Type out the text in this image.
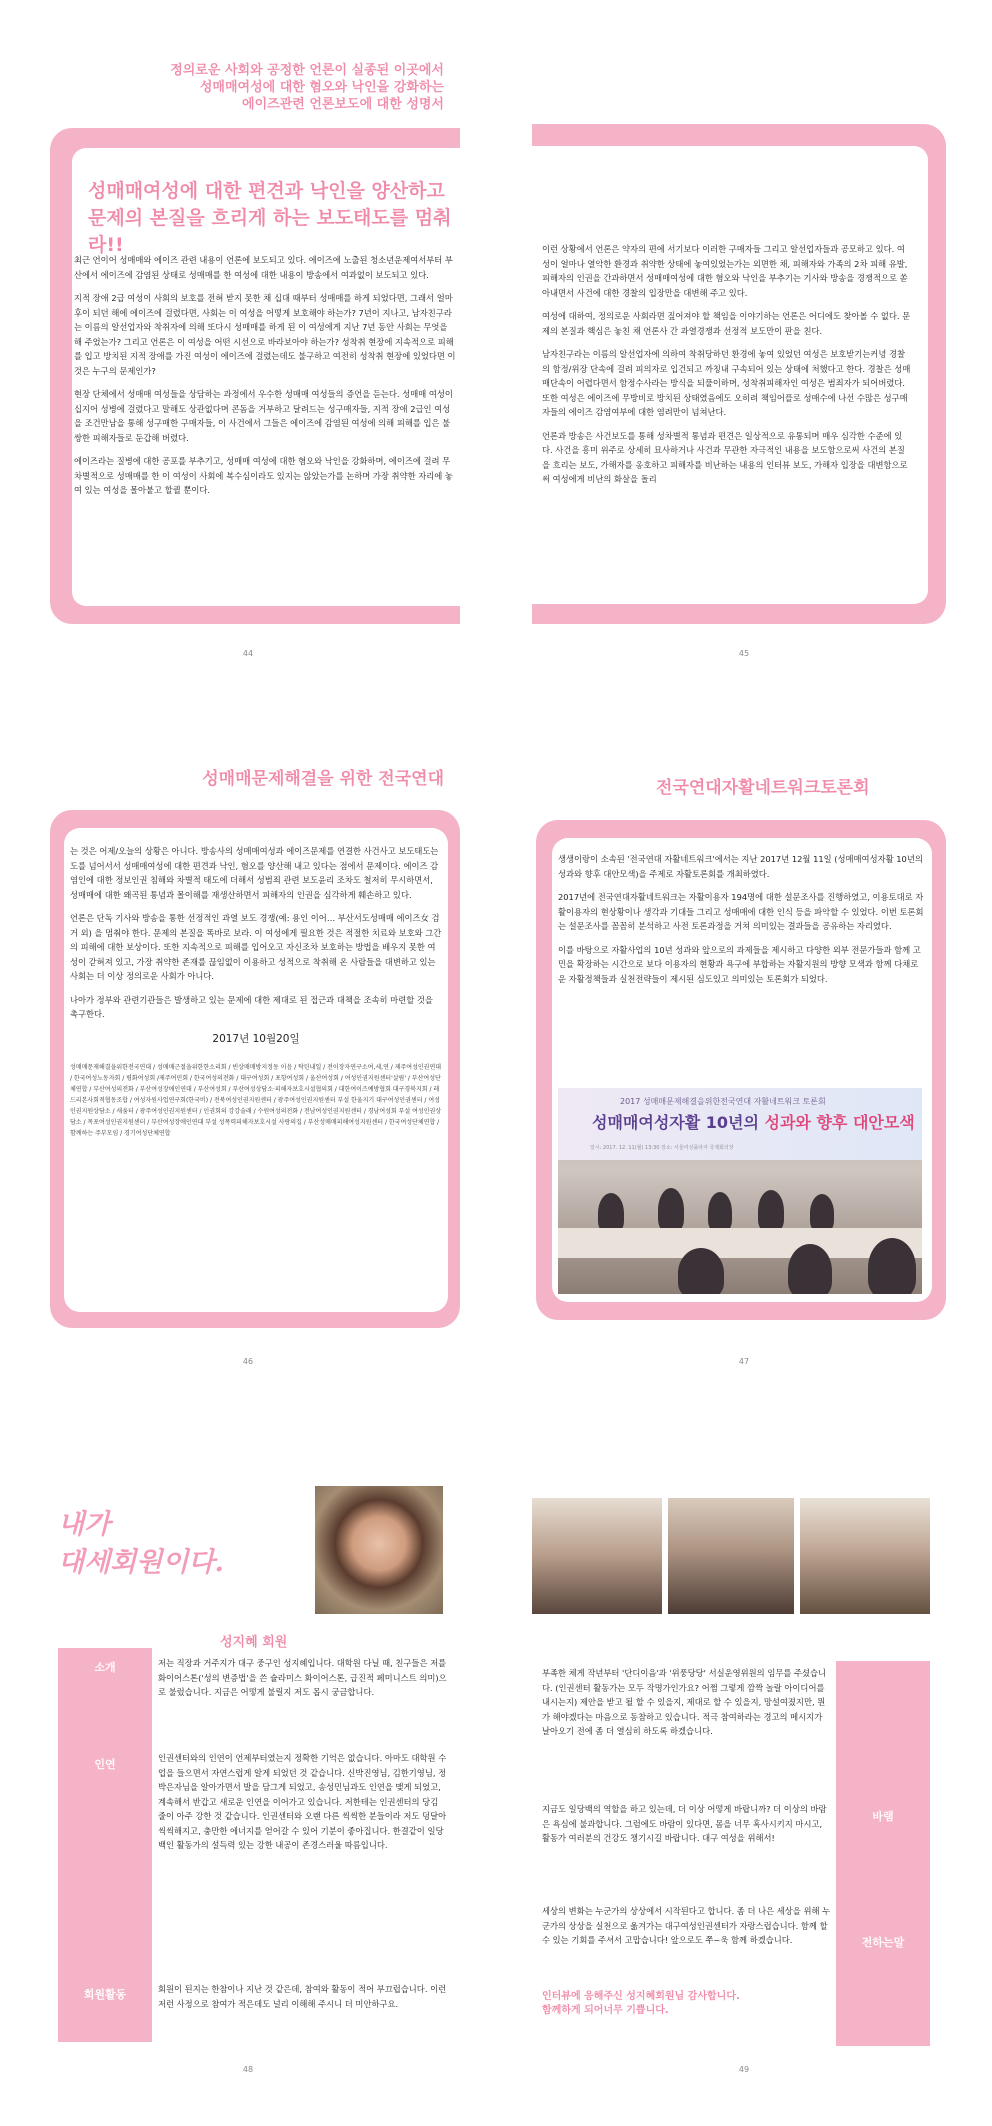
정의로운 사회와 공정한 언론이 실종된 이곳에서
성매매여성에 대한 혐오와 낙인을 강화하는
에이즈관련 언론보도에 대한 성명서
성매매여성에 대한 편견과 낙인을 양산하고
문제의 본질을 흐리게 하는 보도태도를 멈춰라!!

최근 언이어 성매매와 에이즈 관련 내용이 언론에 보도되고 있다. 에이즈에 노출된 청소년운제여서부터 부산에서 에이즈에 감염된 상태로 성매매를 한 여성에 대한 내용이 방송에서 여과없이 보도되고 있다.

지적 장애 2급 여성이 사회의 보호를 전혀 받지 못한 채 십대 때부터 성매매를 하게 되었다면, 그래서 얼마후이 되던 해에 에이즈에 걸렸다면, 사회는 이 여성을 어떻게 보호해야 하는가? 7년이 지나고, 남자친구라는 이름의 알선업자와 착취자에 의해 또다시 성매매를 하게 된 이 여성에게 지난 7년 동안 사회는 무엇을 해 주었는가? 그리고 언론은 이 여성을 어떤 시선으로 바라보아야 하는가? 성착취 현장에 지속적으로 피해를 입고 방치된 지적 장애를 가진 여성이 에이즈에 걸렸는데도 불구하고 여전히 성착취 현장에 있었다면 이것은 누구의 문제인가?

현장 단체에서 성매매 여성들을 상담하는 과정에서 우수한 성매매 여성들의 증언을 듣는다. 성매매 여성이 십지어 성병에 걸렸다고 말해도 상관없다며 콘돔을 거부하고 달려드는 성구매자들, 지적 장애 2급인 여성을 조건만남을 통해 성구매한 구매자들, 이 사건에서 그들은 에이즈에 감염된 여성에 의해 피해를 입은 불쌍한 피해자들로 둔갑해 버렸다.

에이즈라는 질병에 대한 공포를 부추기고, 성매매 여성에 대한 혐오와 낙인을 강화하며, 에이즈에 걸려 무차별적으로 성매매를 한 이 여성이 사회에 복수심이라도 있지는 않았는가를 논하며 가장 취약한 자리에 놓여 있는 여성을 몰아붙고 할퀼 뿐이다.

44

이런 상황에서 언론은 약자의 편에 서기보다 이러한 구매자들 그리고 알선업자들과 공모하고 있다. 여성이 얼마나 열악한 환경과 취약한 상태에 놓여있었는가는 외면한 채, 피해자와 가족의 2차 피해 유발, 피해자의 인권을 간과하면서 성매매여성에 대한 혐오와 낙인을 부추기는 기사와 방송을 경쟁적으로 쏟아내면서 사건에 대한 경찰의 입장만을 대변해 주고 있다.

여성에 대하여, 정의로운 사회라면 짚어져야 할 책임을 이야기하는 언론은 어디에도 찾아볼 수 없다. 문제의 본질과 핵심은 놓친 채 언론사 간 과열경쟁과 선정적 보도만이 판을 친다.

남자친구라는 이름의 알선업자에 의하여 착취당하던 환경에 놓여 있었던 여성은 보호받기는커녕 경찰의 함정/위장 단속에 걸려 피의자로 입건되고 까칭내 구속되어 있는 상태에 처했다고 한다. 경찰은 성매매단속이 어렵다면서 함정수사라는 방식을 되풀이하며, 성착취피해자인 여성은 범죄자가 되어버렸다. 또한 여성은 에이즈에 무방비로 방치된 상태였음에도 오히려 책임어플로 성매수에 나선 수많은 성구매자들의 에이즈 감염여부에 대한 염려만이 넘쳐난다.

언론과 방송은 사건보도를 통해 성차별적 통념과 편견은 일상적으로 유통되며 매우 심각한 수준에 있다. 사건을 흥미 위주로 상세히 묘사하거나 사건과 무관한 자극적인 내용을 보도함으로써 사건의 본질을 흐리는 보도, 가해자를 옹호하고 피해자를 비난하는 내용의 인터뷰 보도, 가해자 입장을 대변함으로써 여성에게 비난의 화살을 돌리

45
성매매문제해결을 위한 전국연대

는 것은 어제/오늘의 상황은 아니다. 방송사의 성매매여성과 에이즈문제를 연결한 사건사고 보도태도는 도를 넘어서서 성매매여성에 대한 편견과 낙인, 혐오를 양산해 내고 있다는 점에서 문제이다. 에이즈 감염인에 대한 정보인권 침해와 차별적 태도에 더해서 성범죄 관련 보도윤리 조차도 철저히 무시하면서, 성매매에 대한 왜곡된 통념과 몰이해를 재생산하면서 피해자의 인권을 심각하게 훼손하고 있다.

언론은 단독 기사와 방송을 통한 선정적인 과열 보도 경쟁(예: 용인 이어… 부산서도성매매 에이즈女 검거 외) 을 멈춰야 한다. 문제의 본질을 똑바로 보라. 이 여성에게 필요한 것은 적절한 치료와 보호와 그간의 피해에 대한 보상이다. 또한 지속적으로 피해를 입어오고 자신조차 보호하는 방법을 배우지 못한 여성이 갇혀져 있고, 가장 취약한 존재를 끊임없이 이용하고 성적으로 착취해 온 사람들을 대변하고 있는 사회는 더 이상 정의로운 사회가 아니다.

나아가 정부와 관련기관들은 발생하고 있는 문제에 대한 제대로 된 접근과 대책을 조속히 마련할 것을 촉구한다.

2017년 10월20일
성매매문제해결을위한전국연대 / 성매매근절을위한한소리회 / 빈상매매방지정동 이음 / 탁틴내일 / 전이장자연구소여,세,연 / 제주여성인권연대 / 한국여성노동자회 / 평화여성회 /제주여민회 / 한국여성의전화 / 대구여성회 / 포항여성회 / 울산여성회 / 여성인권지원센터'살림' / 부산여성단체연합 / 부산여성의전화 / 부산여성장애인연대 / 부산여성회 / 부산여성상담소·피해자보호시설협의회 / 대한여이즈예방협회 대구경북지회 / 레드리본사회적협동조합 / 여성자원사업연구회(한국비) / 전북여성인권지원센터 / 광주여성인권지원센터 부설 한울지기 대구여성인권센터 / 여성인권지원상담소 / 새움터 / 광주여성인권지원센터 / 인권회의 강강술래 / 수원여성의전화 / 전남여성인권지원센터 / 경남여성회 부설 여성인권상담소 / 목포여성인권지원센터 / 부산여성장애인연대 부설 성폭력피해자보호시설 사랑의집 / 부산성매매피해여성지원센터 / 한국여성단체연합 / 함께하는 주부모임 / 경기여성단체연합
46
전국연대자활네트워크토론회

생생이랑이 소속된 '전국연대 자활네트워크'에서는 지난 2017년 12월 11일 (성매매여성자활 10년의 성과와 향후 대안모색)을 주제로 자활토론회를 개최하였다.

2017년에 전국연대자활네트워크는 자활이용자 194명에 대한 설문조사를 진행하였고, 이용토대로 자활이용자의 현상황이나 생각과 기대들 그리고 성매매에 대한 인식 등을 파악할 수 있었다. 이번 토론회는 설문조사를 꼼꼼히 분석하고 사전 토론과정을 거쳐 의미있는 결과들을 공유하는 자리였다.

이를 바탕으로 자활사업의 10년 성과와 앞으로의 과제들을 제시하고 다양한 외부 전문가들과 함께 고민을 확장하는 시간으로 보다 이용자의 현황과 욕구에 부합하는 자활지원의 방향 모색과 함께 다채로운 자활정책들과 실천전략들이 제시된 심도있고 의미있는 토론회가 되었다.

2017 성매매문제해결을위한전국연대 자활네트워크 토론회
성매매여성자활 10년의 성과와 향후 대안모색
일시: 2017. 12. 11(월) 13:30 장소: 서울여성플라자 국제회의장
47
내가
대세회원이다.
성지혜 회원
소개
인연
회원활동
저는 직장과 거주지가 대구 중구인 성지혜입니다. 대학원 다닐 때, 친구들은 저를 화이어스톤('성의 변증법'을 쓴 슐라미스 화이어스톤, 급진적 페미니스트 의미)으로 불렀습니다. 지금은 어떻게 불릴지 저도 몹시 궁금합니다.
인권센터와의 인연이 언제부터였는지 정확한 기억은 없습니다. 아마도 대학원 수업을 들으면서 자연스럽게 알게 되었던 것 같습니다. 신박진영님, 김한기영님, 정박은자님을 알아가면서 발을 담그게 되었고, 송성민님과도 인연을 맺게 되었고, 계속해서 반갑고 새로운 인연을 이어가고 있습니다. 저한테는 인권센터의 당김 줄이 아주 강한 것 같습니다. 인권센터와 오랜 다른 씩씩한 분들이라 저도 덩달아 씩씩해지고, 충만한 에너지를 얻어갈 수 있어 기분이 좋아집니다. 한결같이 일당백인 활동가의 설득력 있는 강한 내공이 존경스러울 따름입니다.
회원이 된지는 한참이나 지난 것 같은데, 참여와 활동이 적어 부끄럽습니다. 이런저런 사정으로 참여가 적은데도 널리 이해해 주시니 더 미안하구요.
48
바램
전하는말
부족한 체게 작년부터 '단디이음'과 '위풍당당' 서실운영위원의 임무를 주셨습니다. (인권센터 활동가는 모두 작명가인가요? 어쩜 그렇게 깜짝 놀랄 아이디어를 내시는지) 제안을 받고 될 할 수 있을지, 제대로 할 수 있을지, 망설여졌지만, 뭔가 해야겠다는 마음으로 동참하고 있습니다. 적극 참여하라는 경고의 메시지가 날아오기 전에 좀 더 열심히 하도록 하겠습니다.
지금도 일당백의 역할을 하고 있는데, 더 이상 어떻게 바랍니까? 더 이상의 바람은 욕심에 불과합니다. 그럼에도 바람이 있다면, 몸을 너무 혹사시키지 마시고, 활동가 여러분의 건강도 챙기시길 바랍니다. 대구 여성을 위해서!
세상의 변화는 누군가의 상상에서 시작된다고 합니다. 좀 더 나은 세상을 위해 누군가의 상상을 실천으로 옮겨가는 대구여성인권센터가 자랑스럽습니다. 함께 할 수 있는 기회를 주셔서 고맙습니다! 앞으로도 쭈~욱 함께 하겠습니다.
인터뷰에 응해주신 성지혜회원님 감사합니다.
함께하게 되어너무 기쁩니다.
49
